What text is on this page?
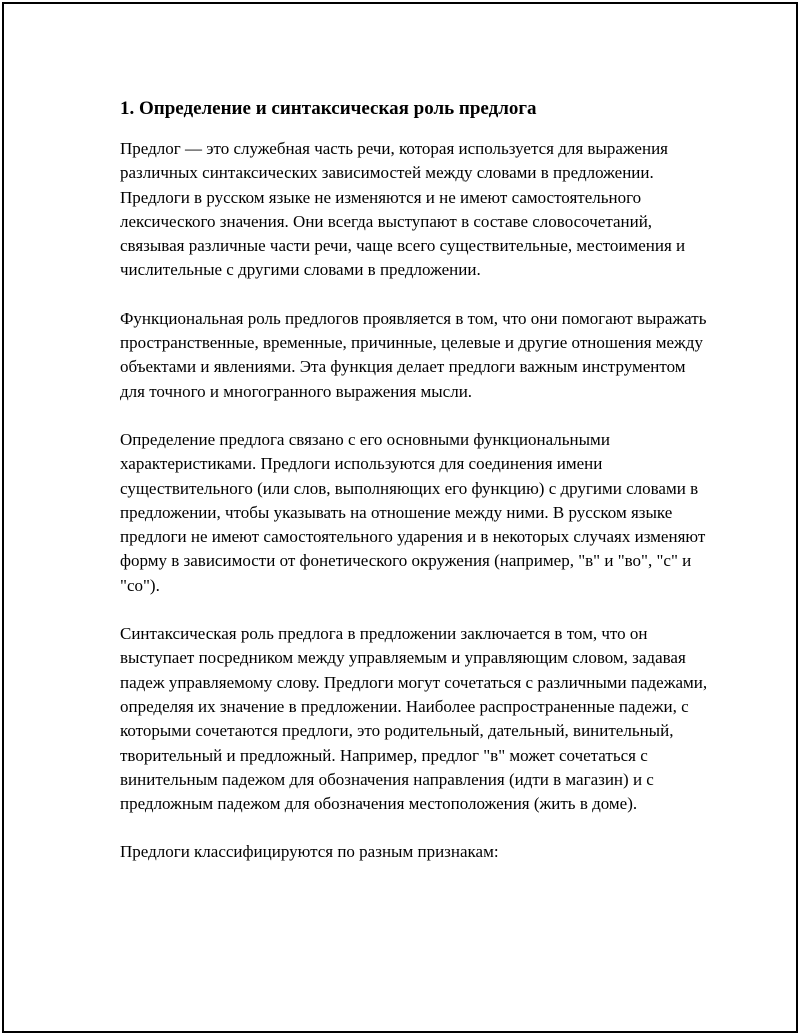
1. Определение и синтаксическая роль предлога

Предлог — это служебная часть речи, которая используется для выражения различных синтаксических зависимостей между словами в предложении. Предлоги в русском языке не изменяются и не имеют самостоятельного лексического значения. Они всегда выступают в составе словосочетаний, связывая различные части речи, чаще всего существительные, местоимения и числительные с другими словами в предложении.

Функциональная роль предлогов проявляется в том, что они помогают выражать пространственные, временные, причинные, целевые и другие отношения между объектами и явлениями. Эта функция делает предлоги важным инструментом для точного и многогранного выражения мысли.

Определение предлога связано с его основными функциональными характеристиками. Предлоги используются для соединения имени существительного (или слов, выполняющих его функцию) с другими словами в предложении, чтобы указывать на отношение между ними. В русском языке предлоги не имеют самостоятельного ударения и в некоторых случаях изменяют форму в зависимости от фонетического окружения (например, "в" и "во", "с" и "со").

Синтаксическая роль предлога в предложении заключается в том, что он выступает посредником между управляемым и управляющим словом, задавая падеж управляемому слову. Предлоги могут сочетаться с различными падежами, определяя их значение в предложении. Наиболее распространенные падежи, с которыми сочетаются предлоги, это родительный, дательный, винительный, творительный и предложный. Например, предлог "в" может сочетаться с винительным падежом для обозначения направления (идти в магазин) и с предложным падежом для обозначения местоположения (жить в доме).

Предлоги классифицируются по разным признакам:
